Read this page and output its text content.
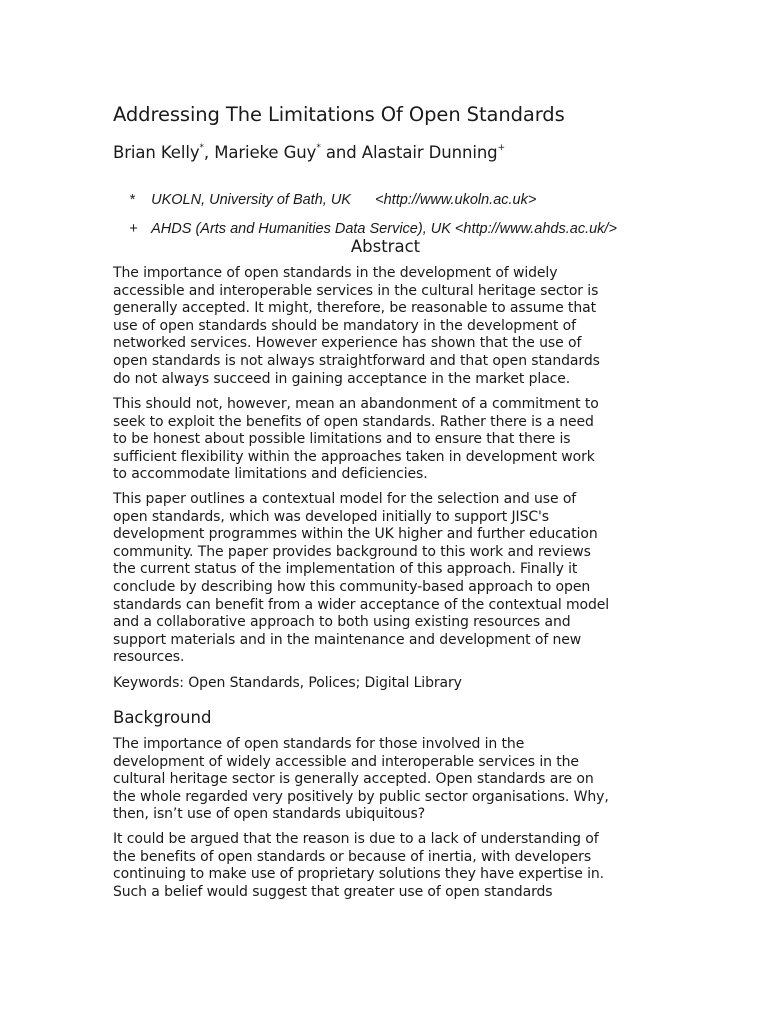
Addressing The Limitations Of Open Standards
Brian Kelly*, Marieke Guy* and Alastair Dunning+

* UKOLN, University of Bath, UK      <http://www.ukoln.ac.uk>

+ AHDS (Arts and Humanities Data Service), UK <http://www.ahds.ac.uk/>

Abstract

The importance of open standards in the development of widely
accessible and interoperable services in the cultural heritage sector is
generally accepted. It might, therefore, be reasonable to assume that
use of open standards should be mandatory in the development of
networked services. However experience has shown that the use of
open standards is not always straightforward and that open standards
do not always succeed in gaining acceptance in the market place.

This should not, however, mean an abandonment of a commitment to
seek to exploit the benefits of open standards. Rather there is a need
to be honest about possible limitations and to ensure that there is
sufficient flexibility within the approaches taken in development work
to accommodate limitations and deficiencies.

This paper outlines a contextual model for the selection and use of
open standards, which was developed initially to support JISC's
development programmes within the UK higher and further education
community. The paper provides background to this work and reviews
the current status of the implementation of this approach. Finally it
conclude by describing how this community-based approach to open
standards can benefit from a wider acceptance of the contextual model
and a collaborative approach to both using existing resources and
support materials and in the maintenance and development of new
resources.

Keywords: Open Standards, Polices; Digital Library

Background

The importance of open standards for those involved in the
development of widely accessible and interoperable services in the
cultural heritage sector is generally accepted. Open standards are on
the whole regarded very positively by public sector organisations. Why,
then, isn’t use of open standards ubiquitous?

It could be argued that the reason is due to a lack of understanding of
the benefits of open standards or because of inertia, with developers
continuing to make use of proprietary solutions they have expertise in.
Such a belief would suggest that greater use of open standards
